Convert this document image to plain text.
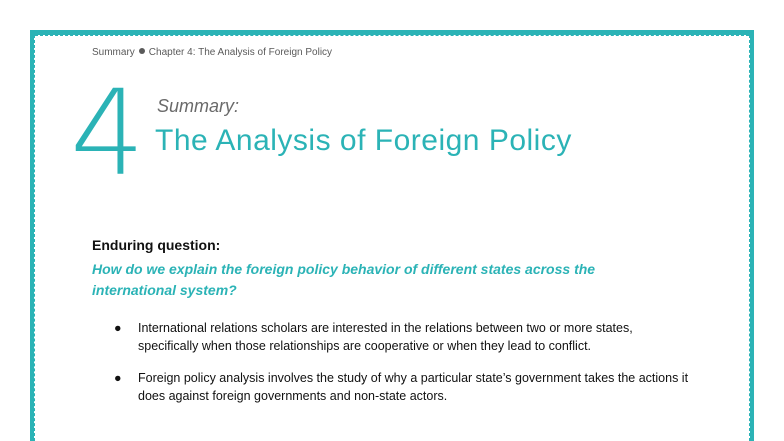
Summary Chapter 4: The Analysis of Foreign Policy
4 Summary:
The Analysis of Foreign Policy
Enduring question:
How do we explain the foreign policy behavior of different states across the international system?
● International relations scholars are interested in the relations between two or more states, specifically when those relationships are cooperative or when they lead to conflict.
● Foreign policy analysis involves the study of why a particular state’s government takes the actions it does against foreign governments and non-state actors.
